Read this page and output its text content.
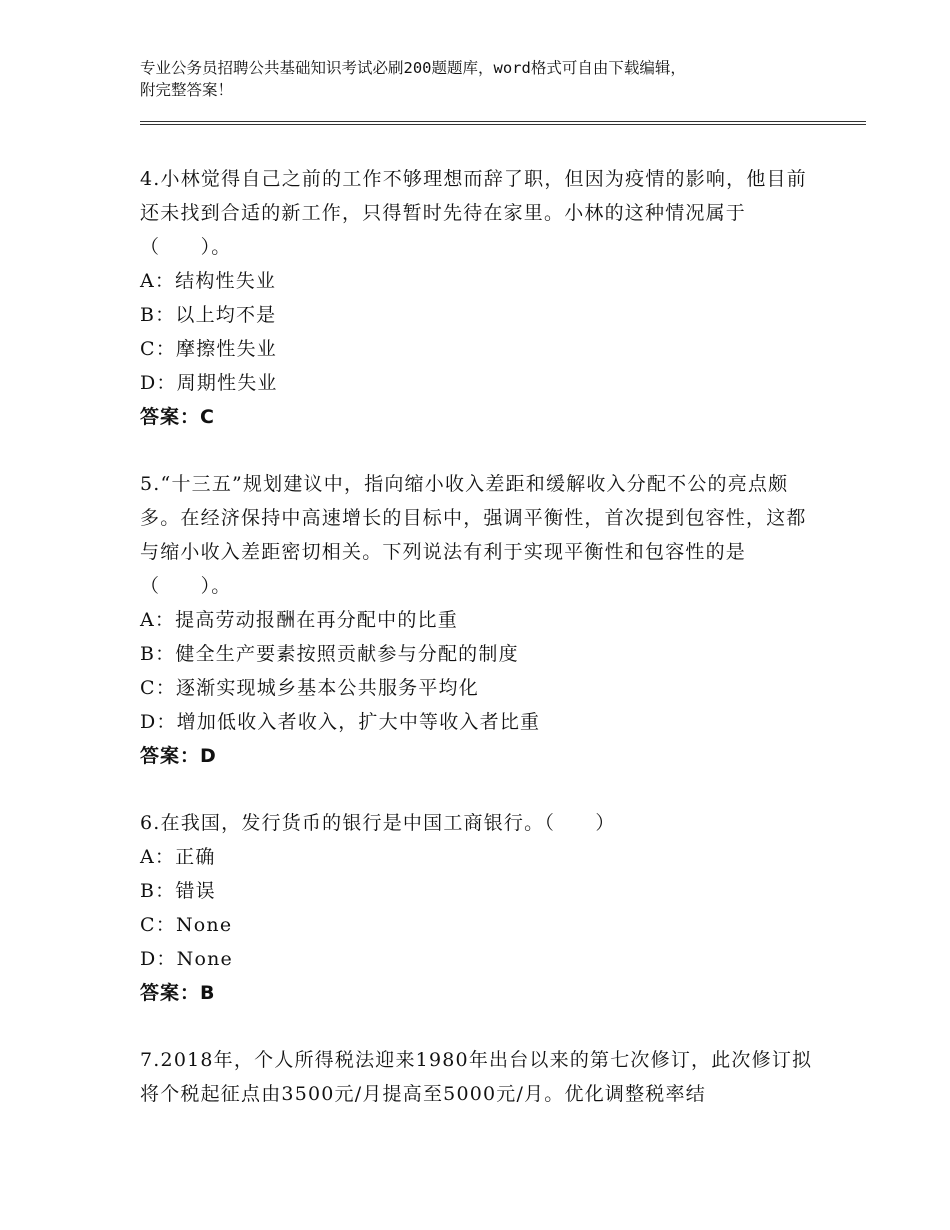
专业公务员招聘公共基础知识考试必刷200题题库，word格式可自由下载编辑，
附完整答案！
4.小林觉得自己之前的工作不够理想而辞了职，但因为疫情的影响，他目前还未找到合适的新工作，只得暂时先待在家里。小林的这种情况属于（　　）。
A：结构性失业
B：以上均不是
C：摩擦性失业
D：周期性失业
答案：C
5.“十三五”规划建议中，指向缩小收入差距和缓解收入分配不公的亮点颇多。在经济保持中高速增长的目标中，强调平衡性，首次提到包容性，这都与缩小收入差距密切相关。下列说法有利于实现平衡性和包容性的是（　　）。
A：提高劳动报酬在再分配中的比重
B：健全生产要素按照贡献参与分配的制度
C：逐渐实现城乡基本公共服务平均化
D：增加低收入者收入，扩大中等收入者比重
答案：D
6.在我国，发行货币的银行是中国工商银行。（　　）
A：正确
B：错误
C：None
D：None
答案：B
7.2018年，个人所得税法迎来1980年出台以来的第七次修订，此次修订拟将个税起征点由3500元/月提高至5000元/月。优化调整税率结
